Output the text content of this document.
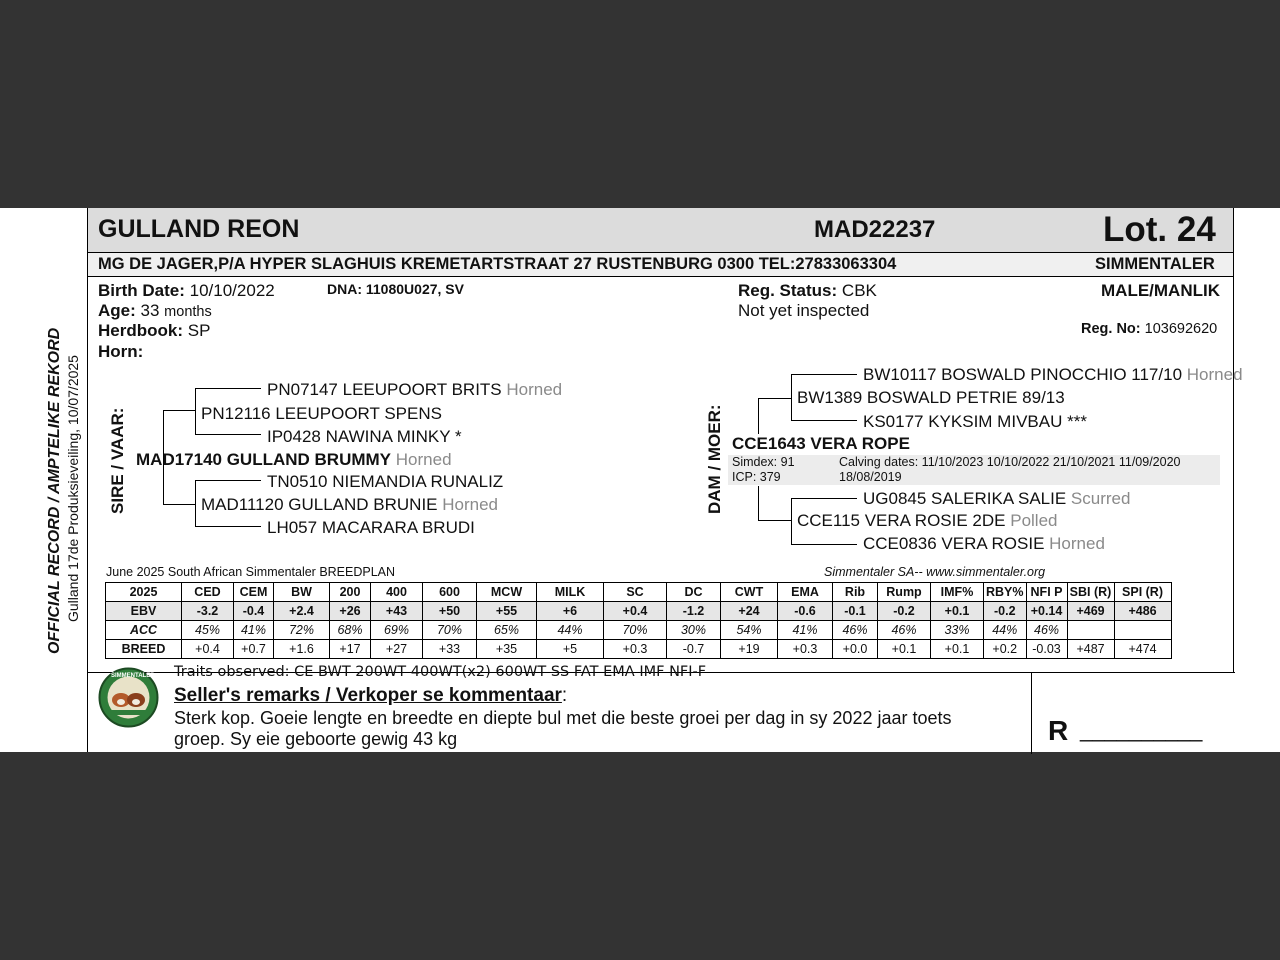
GULLAND REON	MAD22237	Lot. 24
MG DE JAGER,P/A HYPER SLAGHUIS KREMETARTSTRAAT 27 RUSTENBURG 0300 TEL:27833063304	SIMMENTALER
Birth Date: 10/10/2022	DNA: 11080U027, SV
Age: 33 months
Herdbook: SP
Horn:
Reg. Status: CBK
Not yet inspected
MALE/MANLIK
Reg. No: 103692620
OFFICIAL RECORD / AMPTELIKE REKORD Gulland 17de Produksieveiling, 10/07/2025 SIRE / VAAR:
PN07147 LEEUPOORT BRITS Horned
PN12116 LEEUPOORT SPENS
IP0428 NAWINA MINKY *
MAD17140 GULLAND BRUMMY Horned
TN0510 NIEMANDIA RUNALIZ
MAD11120 GULLAND BRUNIE Horned
LH057 MACARARA BRUDI
DAM / MOER:
BW10117 BOSWALD PINOCCHIO 117/10 Horned
BW1389 BOSWALD PETRIE 89/13
KS0177 KYKSIM MIVBAU ***
CCE1643 VERA ROPE
Simdex: 91
ICP: 379
Calving dates: 11/10/2023 10/10/2022 21/10/2021 11/09/2020
18/08/2019
UG0845 SALERIKA SALIE Scurred
CCE115 VERA ROSIE 2DE Polled
CCE0836 VERA ROSIE Horned
June 2025 South African Simmentaler BREEDPLAN	Simmentaler SA-- www.simmentaler.org
2025	CED	CEM	BW	200	400	600	MCW	MILK	SC	DC	CWT	EMA	Rib	Rump	IMF%	RBY%	NFI P	SBI (R)	SPI (R)
EBV	-3.2	-0.4	+2.4	+26	+43	+50	+55	+6	+0.4	-1.2	+24	-0.6	-0.1	-0.2	+0.1	-0.2	+0.14	+469	+486
ACC	45%	41%	72%	68%	69%	70%	65%	44%	70%	30%	54%	41%	46%	46%	33%	44%	46%		
BREED	+0.4	+0.7	+1.6	+17	+27	+33	+35	+5	+0.3	-0.7	+19	+0.3	+0.0	+0.1	+0.1	+0.2	-0.03	+487	+474
SIMMENTALER Traits observed: CE BWT 200WT 400WT(x2) 600WT SS FAT EMA IMF NFI-F
Seller's remarks / Verkoper se kommentaar:
Sterk kop. Goeie lengte en breedte en diepte bul met die beste groei per dag in sy 2022 jaar toets
groep. Sy eie geboorte gewig 43 kg	R __________
